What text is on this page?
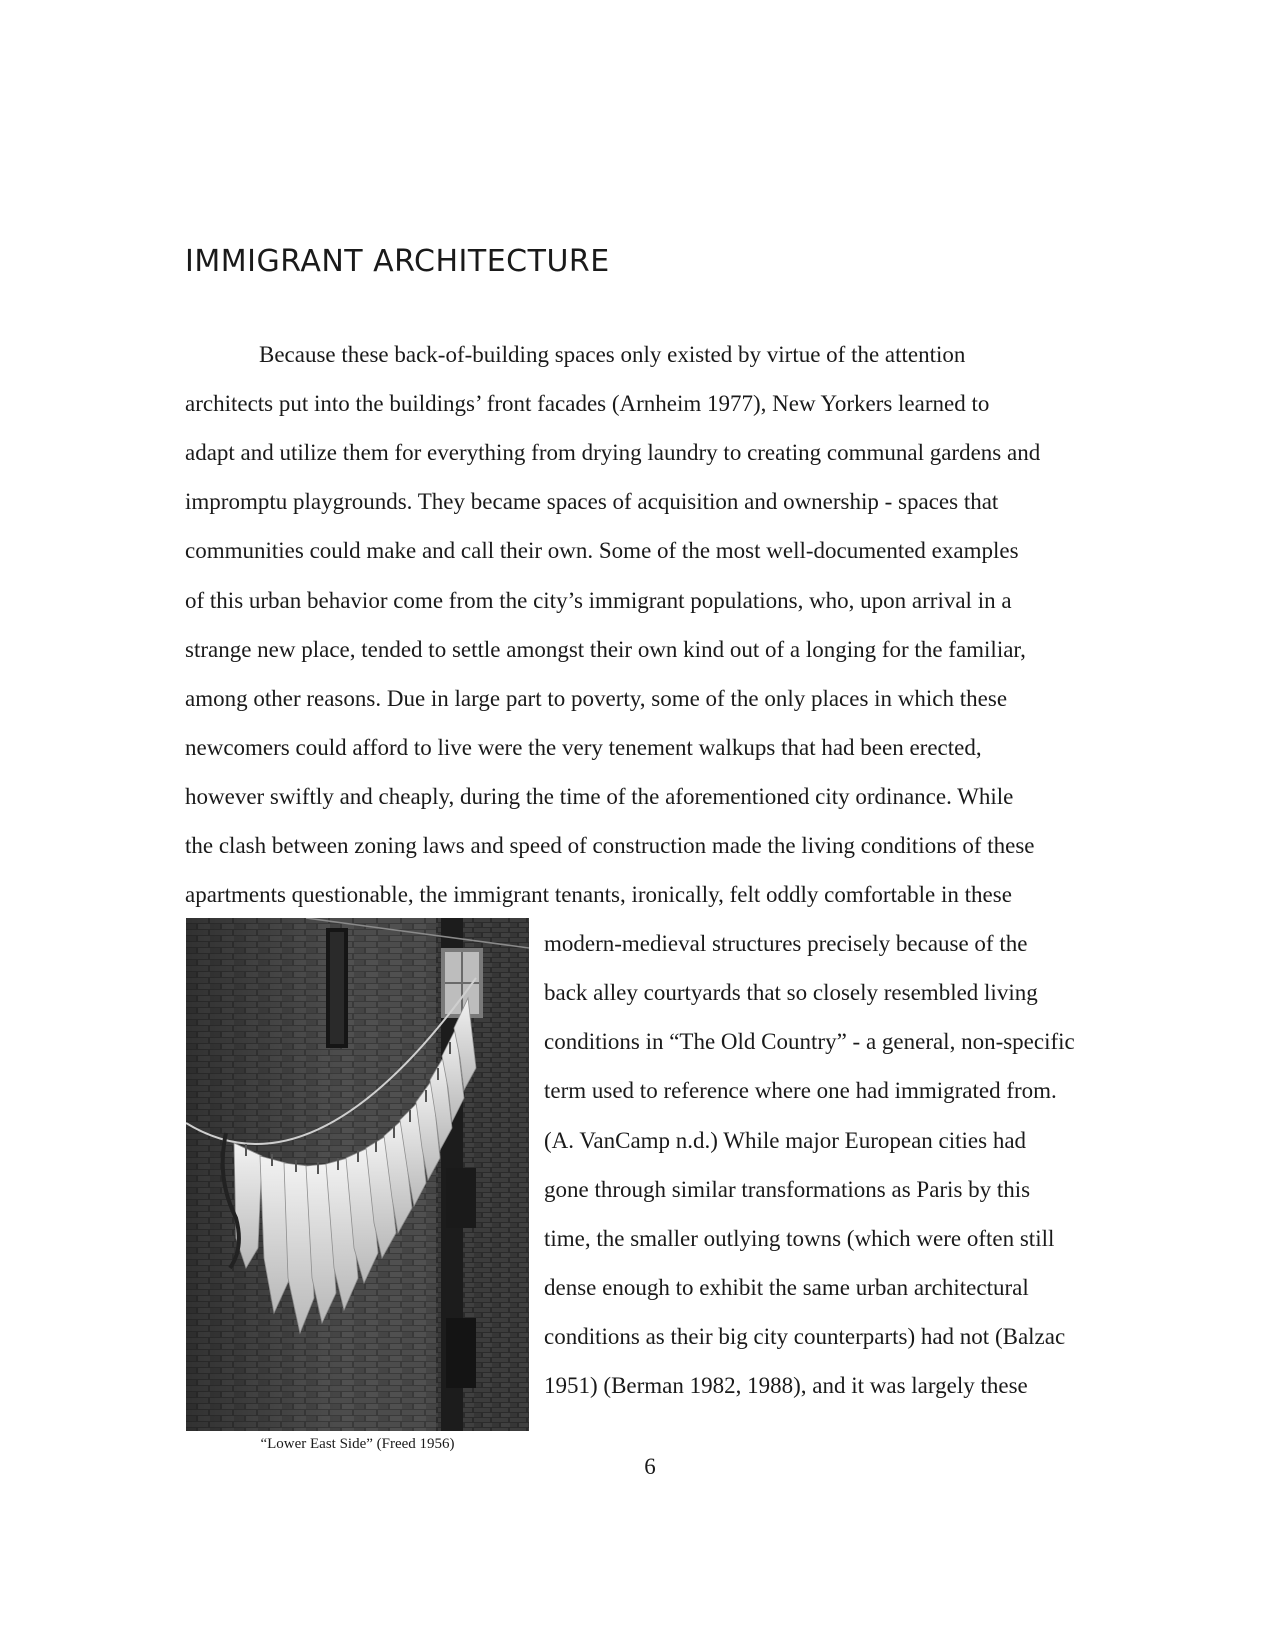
IMMIGRANT ARCHITECTURE

Because these back-of-building spaces only existed by virtue of the attention

architects put into the buildings’ front facades (Arnheim 1977), New Yorkers learned to

adapt and utilize them for everything from drying laundry to creating communal gardens and

impromptu playgrounds. They became spaces of acquisition and ownership - spaces that

communities could make and call their own. Some of the most well-documented examples

of this urban behavior come from the city’s immigrant populations, who, upon arrival in a

strange new place, tended to settle amongst their own kind out of a longing for the familiar,

among other reasons. Due in large part to poverty, some of the only places in which these

newcomers could afford to live were the very tenement walkups that had been erected,

however swiftly and cheaply, during the time of the aforementioned city ordinance. While

the clash between zoning laws and speed of construction made the living conditions of these

apartments questionable, the immigrant tenants, ironically, felt oddly comfortable in these

modern-medieval structures precisely because of the

back alley courtyards that so closely resembled living

conditions in “The Old Country” - a general, non-specific

term used to reference where one had immigrated from.

(A. VanCamp n.d.) While major European cities had

gone through similar transformations as Paris by this

time, the smaller outlying towns (which were often still

dense enough to exhibit the same urban architectural

conditions as their big city counterparts) had not (Balzac

1951) (Berman 1982, 1988), and it was largely these

“Lower East Side” (Freed 1956)
6
